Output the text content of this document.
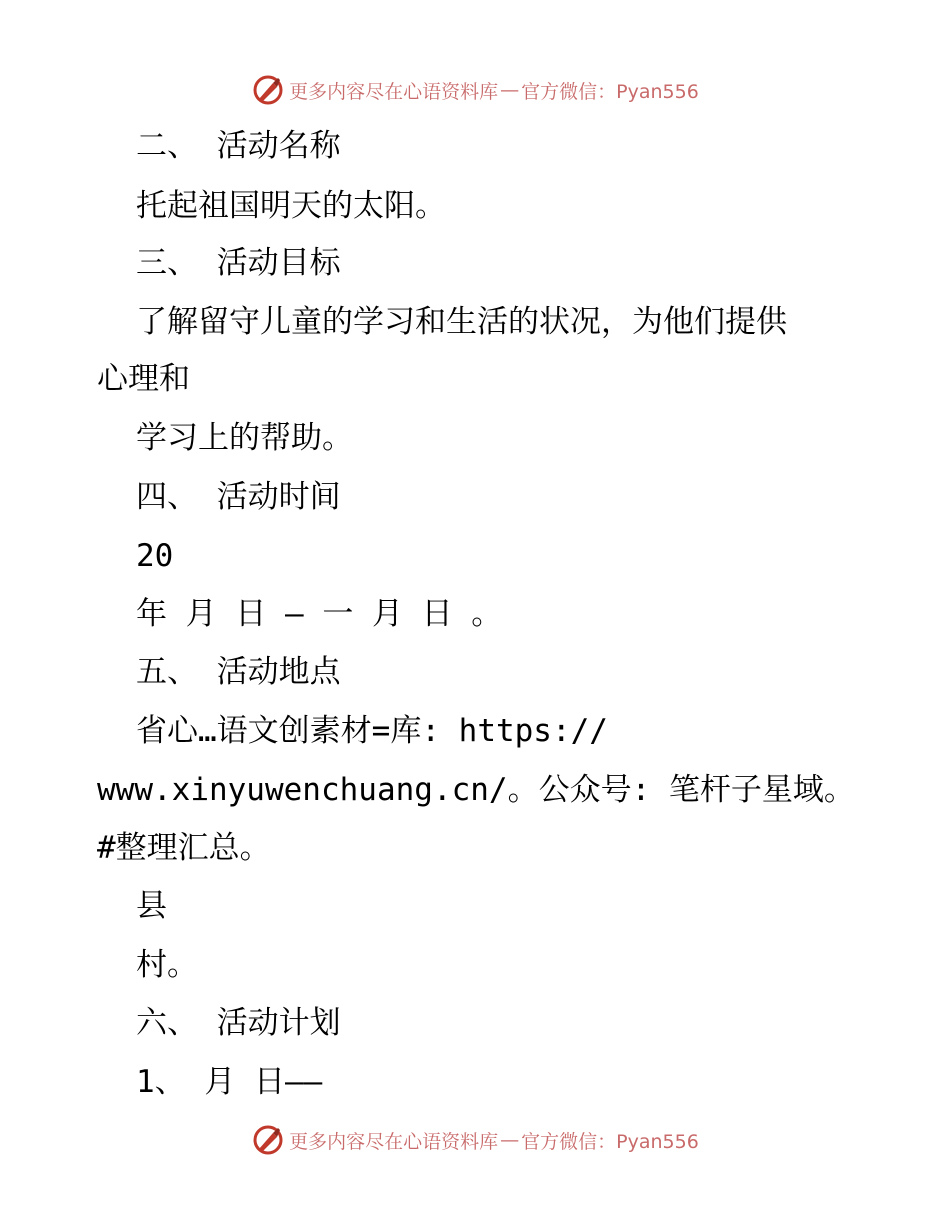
更多内容尽在心语资料库 — 官方微信：Pyan556
二、 活动名称
托起祖国明天的太阳。
三、 活动目标
了解留守儿童的学习和生活的状况，为他们提供
心理和
学习上的帮助。
四、 活动时间
20
年 月 日 — 一 月 日 。
五、 活动地点
省心…语文创素材=库: https://
www.xinyuwenchuang.cn/。公众号: 笔杆子星域。
#整理汇总。
县
村。
六、 活动计划
1、 月 日——
更多内容尽在心语资料库 — 官方微信：Pyan556
